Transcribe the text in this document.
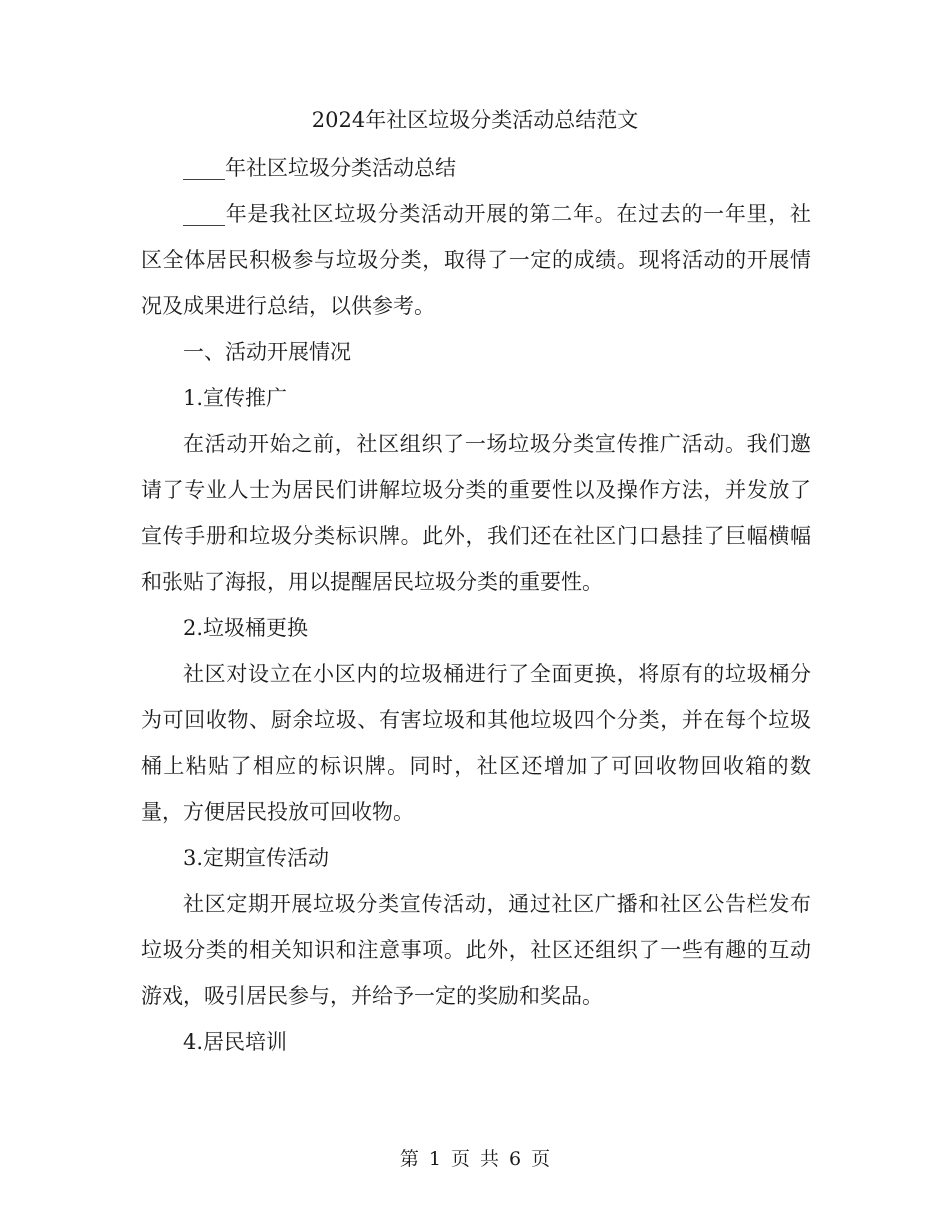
2024年社区垃圾分类活动总结范文

____年社区垃圾分类活动总结

____年是我社区垃圾分类活动开展的第二年。在过去的一年里，社区全体居民积极参与垃圾分类，取得了一定的成绩。现将活动的开展情况及成果进行总结，以供参考。

一、活动开展情况

1.宣传推广

在活动开始之前，社区组织了一场垃圾分类宣传推广活动。我们邀请了专业人士为居民们讲解垃圾分类的重要性以及操作方法，并发放了宣传手册和垃圾分类标识牌。此外，我们还在社区门口悬挂了巨幅横幅和张贴了海报，用以提醒居民垃圾分类的重要性。

2.垃圾桶更换

社区对设立在小区内的垃圾桶进行了全面更换，将原有的垃圾桶分为可回收物、厨余垃圾、有害垃圾和其他垃圾四个分类，并在每个垃圾桶上粘贴了相应的标识牌。同时，社区还增加了可回收物回收箱的数量，方便居民投放可回收物。

3.定期宣传活动

社区定期开展垃圾分类宣传活动，通过社区广播和社区公告栏发布垃圾分类的相关知识和注意事项。此外，社区还组织了一些有趣的互动游戏，吸引居民参与，并给予一定的奖励和奖品。

4.居民培训

第 1 页 共 6 页
